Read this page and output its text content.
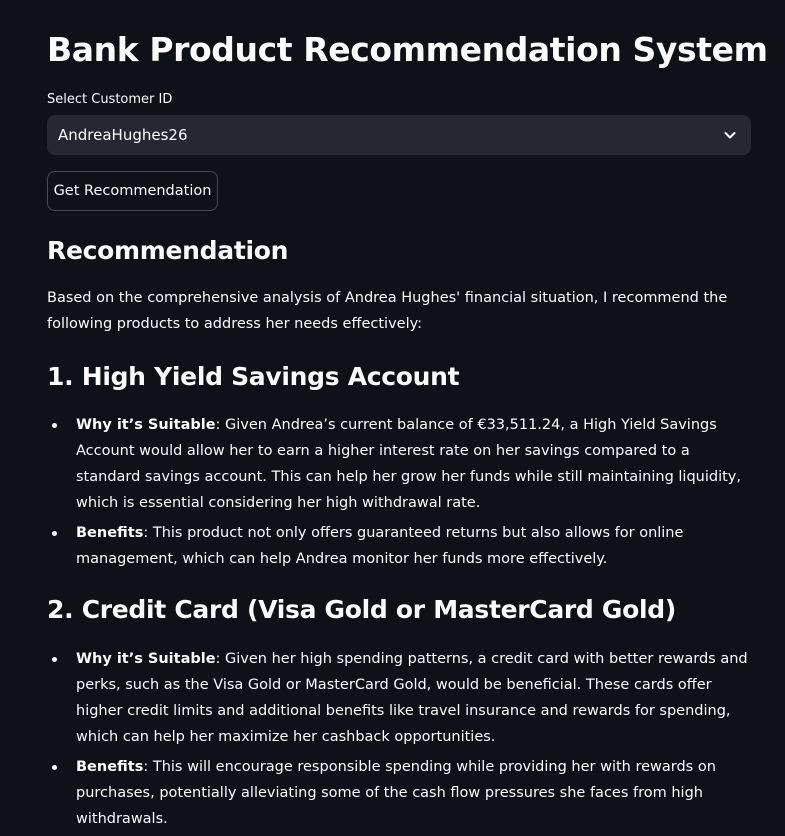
Bank Product Recommendation System
Select Customer ID
AndreaHughes26
Get Recommendation
Recommendation

Based on the comprehensive analysis of Andrea Hughes' financial situation, I recommend the following products to address her needs effectively:

1. High Yield Savings Account
Why it’s Suitable: Given Andrea’s current balance of €33,511.24, a High Yield Savings Account would allow her to earn a higher interest rate on her savings compared to a standard savings account. This can help her grow her funds while still maintaining liquidity, which is essential considering her high withdrawal rate.
Benefits: This product not only offers guaranteed returns but also allows for online management, which can help Andrea monitor her funds more effectively.
2. Credit Card (Visa Gold or MasterCard Gold)
Why it’s Suitable: Given her high spending patterns, a credit card with better rewards and perks, such as the Visa Gold or MasterCard Gold, would be beneficial. These cards offer higher credit limits and additional benefits like travel insurance and rewards for spending, which can help her maximize her cashback opportunities.
Benefits: This will encourage responsible spending while providing her with rewards on purchases, potentially alleviating some of the cash flow pressures she faces from high withdrawals.
